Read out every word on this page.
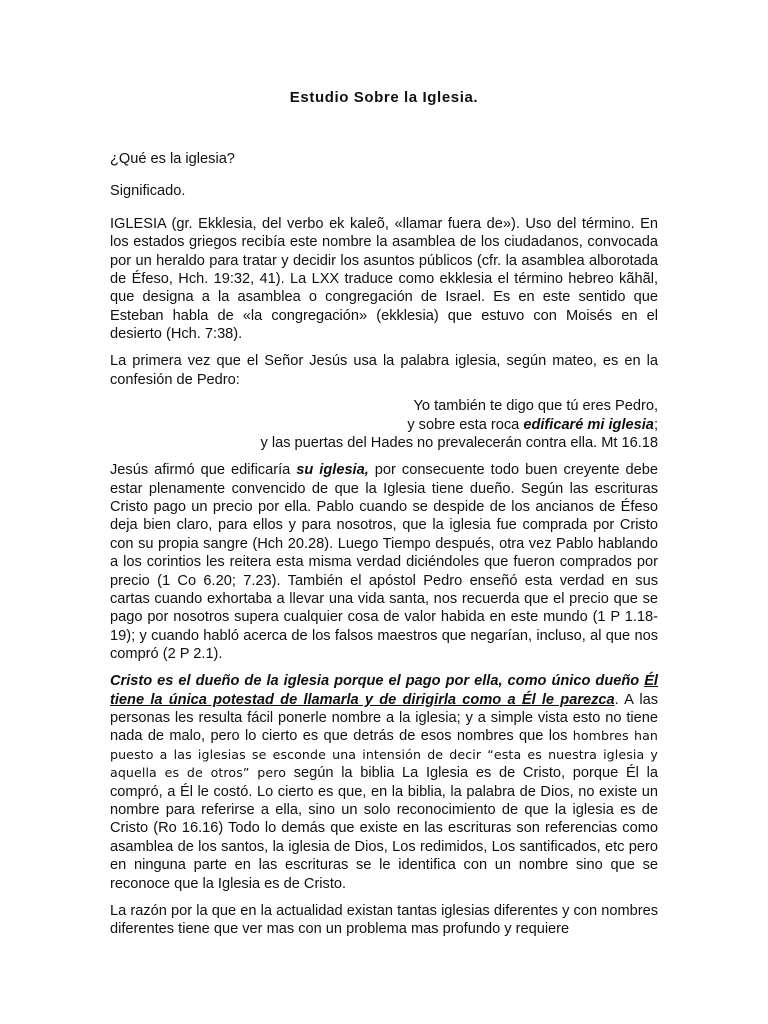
Estudio Sobre la Iglesia.

¿Qué es la iglesia?

Significado.

IGLESIA (gr. Ekklesia, del verbo ek kaleõ, «llamar fuera de»). Uso del término. En los estados griegos recibía este nombre la asamblea de los ciudadanos, convocada por un heraldo para tratar y decidir los asuntos públicos (cfr. la asamblea alborotada de Éfeso, Hch. 19:32, 41). La LXX traduce como ekklesia el término hebreo kãhãl, que designa a la asamblea o congregación de Israel. Es en este sentido que Esteban habla de «la congregación» (ekklesia) que estuvo con Moisés en el desierto (Hch. 7:38).

La primera vez que el Señor Jesús usa la palabra iglesia, según mateo, es en la confesión de Pedro:

Yo también te digo que tú eres Pedro,
y sobre esta roca edificaré mi iglesia;
y las puertas del Hades no prevalecerán contra ella. Mt 16.18

Jesús afirmó que edificaría su iglesia, por consecuente todo buen creyente debe estar plenamente convencido de que la Iglesia tiene dueño. Según las escrituras Cristo pago un precio por ella. Pablo cuando se despide de los ancianos de Éfeso deja bien claro, para ellos y para nosotros, que la iglesia fue comprada por Cristo con su propia sangre (Hch 20.28). Luego Tiempo después, otra vez Pablo hablando a los corintios les reitera esta misma verdad diciéndoles que fueron comprados por precio (1 Co 6.20; 7.23). También el apóstol Pedro enseñó esta verdad en sus cartas cuando exhortaba a llevar una vida santa, nos recuerda que el precio que se pago por nosotros supera cualquier cosa de valor habida en este mundo (1 P 1.18-19); y cuando habló acerca de los falsos maestros que negarían, incluso, al que nos compró (2 P 2.1).

Cristo es el dueño de la iglesia porque el pago por ella, como único dueño Él tiene la única potestad de llamarla y de dirigirla como a Él le parezca. A las personas les resulta fácil ponerle nombre a la iglesia; y a simple vista esto no tiene nada de malo, pero lo cierto es que detrás de esos nombres que los hombres han puesto a las iglesias se esconde una intensión de decir “esta es nuestra iglesia y aquella es de otros” pero según la biblia La Iglesia es de Cristo, porque Él la compró, a Él le costó. Lo cierto es que, en la biblia, la palabra de Dios, no existe un nombre para referirse a ella, sino un solo reconocimiento de que la iglesia es de Cristo (Ro 16.16) Todo lo demás que existe en las escrituras son referencias como asamblea de los santos, la iglesia de Dios, Los redimidos, Los santificados, etc pero en ninguna parte en las escrituras se le identifica con un nombre sino que se reconoce que la Iglesia es de Cristo.

La razón por la que en la actualidad existan tantas iglesias diferentes y con nombres diferentes tiene que ver mas con un problema mas profundo y requiere
